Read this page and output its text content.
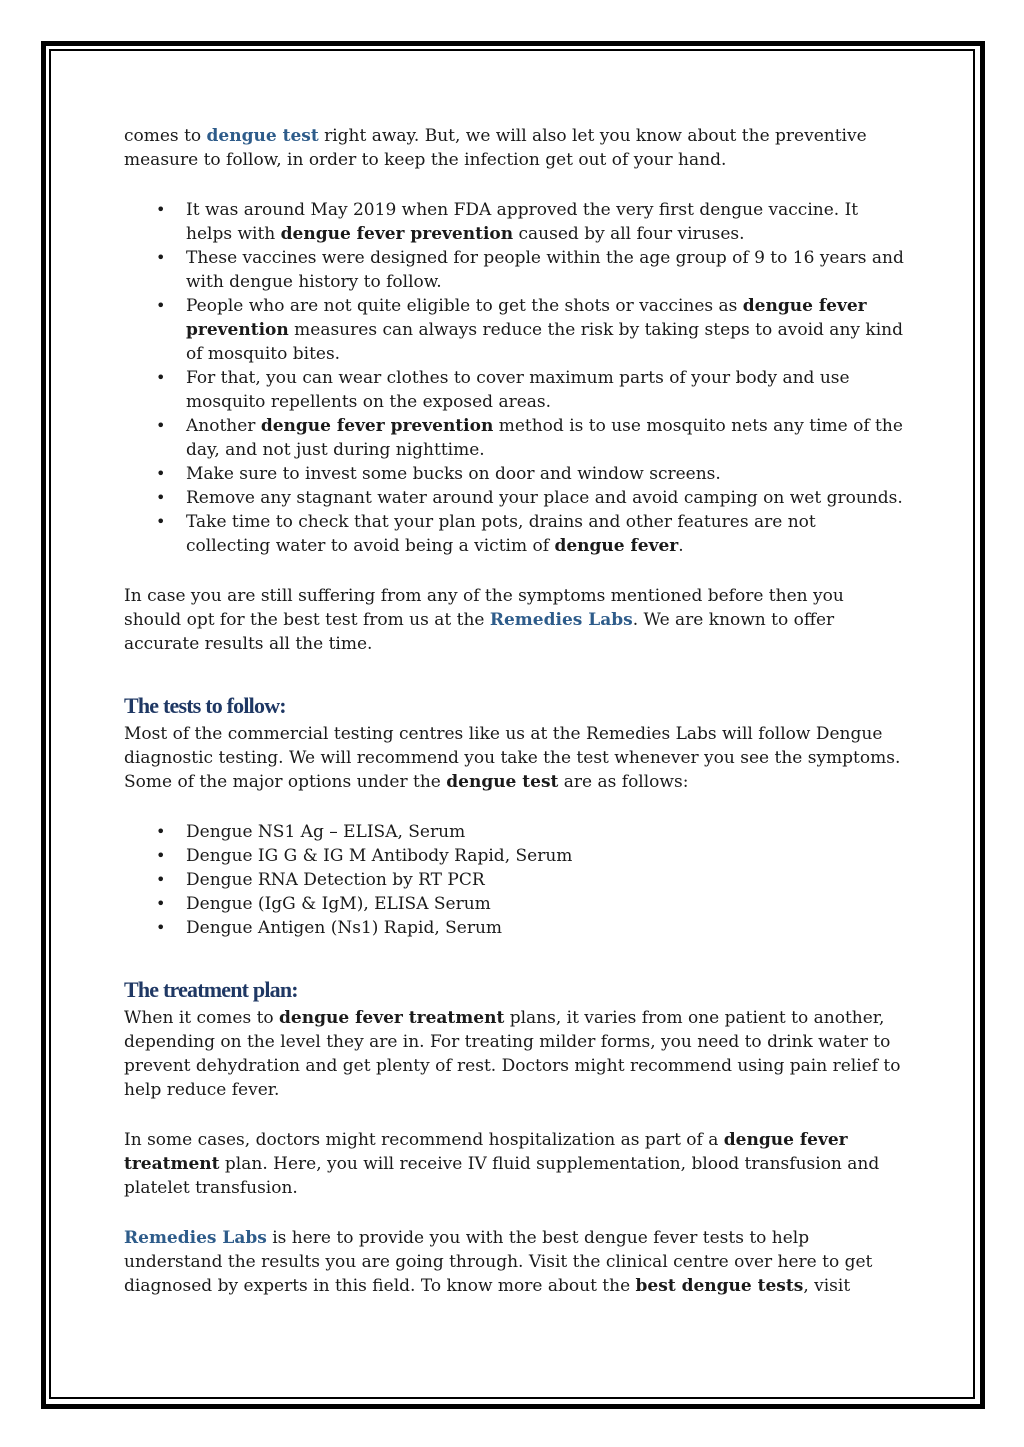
comes to dengue test right away. But, we will also let you know about the preventive measure to follow, in order to keep the infection get out of your hand.

• It was around May 2019 when FDA approved the very first dengue vaccine. It helps with dengue fever prevention caused by all four viruses.
• These vaccines were designed for people within the age group of 9 to 16 years and with dengue history to follow.
• People who are not quite eligible to get the shots or vaccines as dengue fever prevention measures can always reduce the risk by taking steps to avoid any kind of mosquito bites.
• For that, you can wear clothes to cover maximum parts of your body and use mosquito repellents on the exposed areas.
• Another dengue fever prevention method is to use mosquito nets any time of the day, and not just during nighttime.
• Make sure to invest some bucks on door and window screens.
• Remove any stagnant water around your place and avoid camping on wet grounds.
• Take time to check that your plan pots, drains and other features are not collecting water to avoid being a victim of dengue fever.

In case you are still suffering from any of the symptoms mentioned before then you should opt for the best test from us at the Remedies Labs. We are known to offer accurate results all the time.

The tests to follow:

Most of the commercial testing centres like us at the Remedies Labs will follow Dengue diagnostic testing. We will recommend you take the test whenever you see the symptoms. Some of the major options under the dengue test are as follows:

• Dengue NS1 Ag – ELISA, Serum
• Dengue IG G & IG M Antibody Rapid, Serum
• Dengue RNA Detection by RT PCR
• Dengue (IgG & IgM), ELISA Serum
• Dengue Antigen (Ns1) Rapid, Serum
The treatment plan:

When it comes to dengue fever treatment plans, it varies from one patient to another, depending on the level they are in. For treating milder forms, you need to drink water to prevent dehydration and get plenty of rest. Doctors might recommend using pain relief to help reduce fever.

In some cases, doctors might recommend hospitalization as part of a dengue fever treatment plan. Here, you will receive IV fluid supplementation, blood transfusion and platelet transfusion.

Remedies Labs is here to provide you with the best dengue fever tests to help understand the results you are going through. Visit the clinical centre over here to get diagnosed by experts in this field. To know more about the best dengue tests, visit
